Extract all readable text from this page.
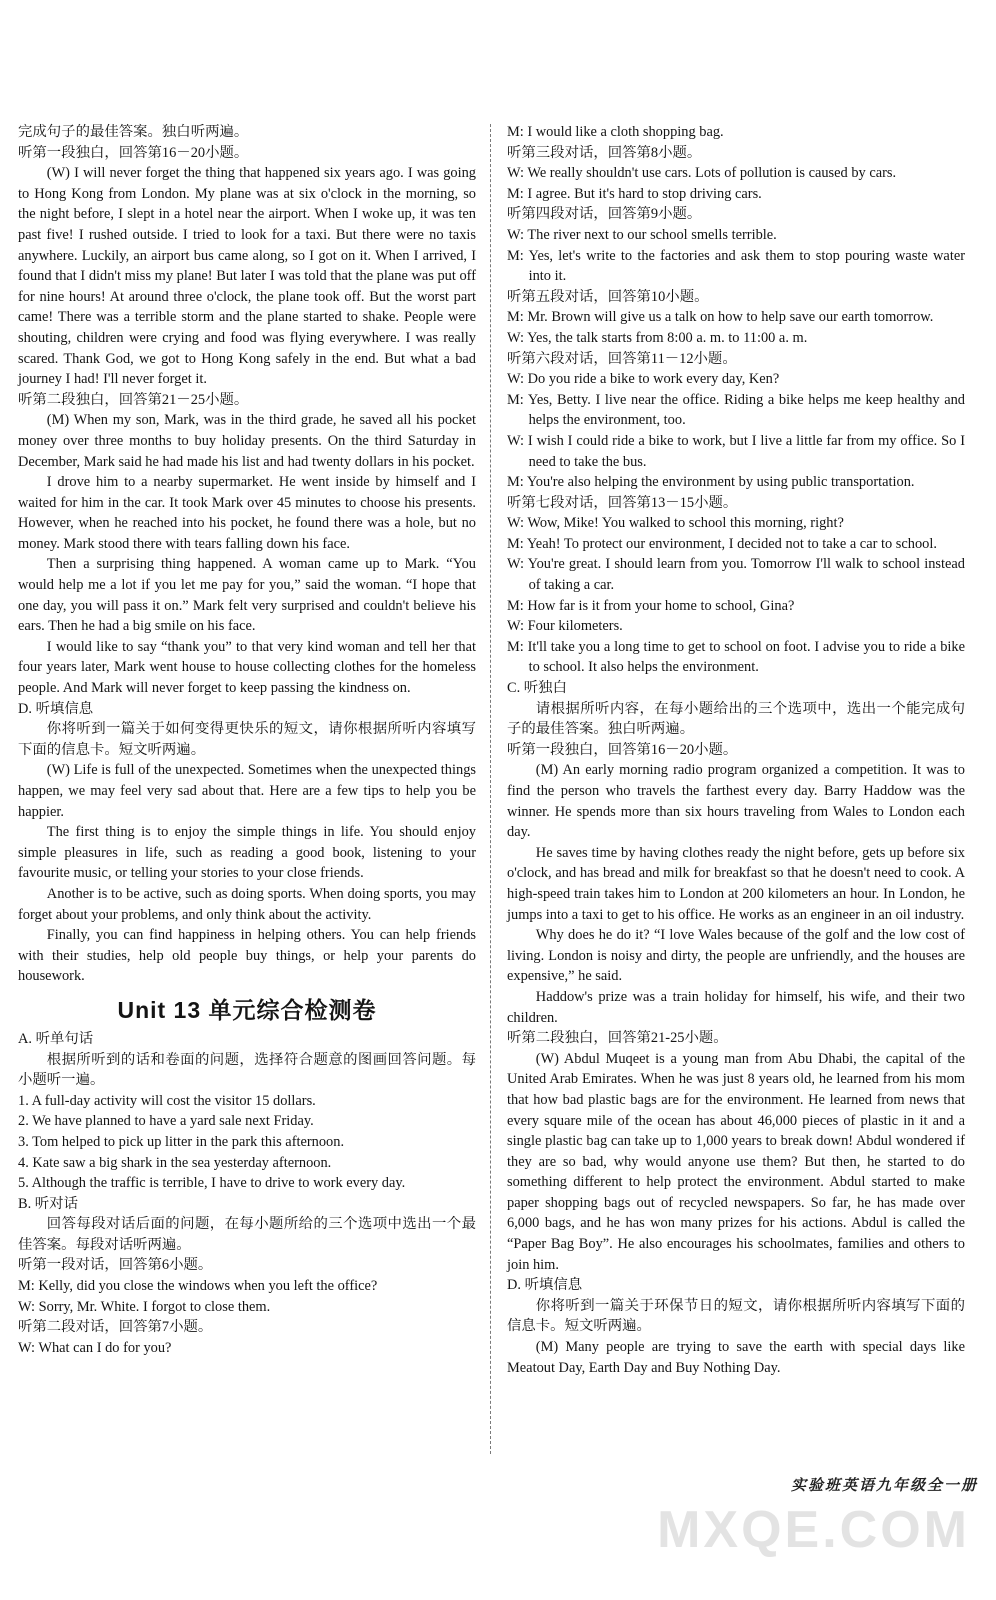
完成句子的最佳答案。独白听两遍。

听第一段独白，回答第16－20小题。

(W) I will never forget the thing that happened six years ago. I was going to Hong Kong from London. My plane was at six o'clock in the morning, so the night before, I slept in a hotel near the airport. When I woke up, it was ten past five! I rushed outside. I tried to look for a taxi. But there were no taxis anywhere. Luckily, an airport bus came along, so I got on it. When I arrived, I found that I didn't miss my plane! But later I was told that the plane was put off for nine hours! At around three o'clock, the plane took off. But the worst part came! There was a terrible storm and the plane started to shake. People were shouting, children were crying and food was flying everywhere. I was really scared. Thank God, we got to Hong Kong safely in the end. But what a bad journey I had! I'll never forget it.

听第二段独白，回答第21－25小题。

(M) When my son, Mark, was in the third grade, he saved all his pocket money over three months to buy holiday presents. On the third Saturday in December, Mark said he had made his list and had twenty dollars in his pocket.

I drove him to a nearby supermarket. He went inside by himself and I waited for him in the car. It took Mark over 45 minutes to choose his presents. However, when he reached into his pocket, he found there was a hole, but no money. Mark stood there with tears falling down his face.

Then a surprising thing happened. A woman came up to Mark. “You would help me a lot if you let me pay for you,” said the woman. “I hope that one day, you will pass it on.” Mark felt very surprised and couldn't believe his ears. Then he had a big smile on his face.

I would like to say “thank you” to that very kind woman and tell her that four years later, Mark went house to house collecting clothes for the homeless people. And Mark will never forget to keep passing the kindness on.

D. 听填信息

你将听到一篇关于如何变得更快乐的短文，请你根据所听内容填写下面的信息卡。短文听两遍。

(W) Life is full of the unexpected. Sometimes when the unexpected things happen, we may feel very sad about that. Here are a few tips to help you be happier.

The first thing is to enjoy the simple things in life. You should enjoy simple pleasures in life, such as reading a good book, listening to your favourite music, or telling your stories to your close friends.

Another is to be active, such as doing sports. When doing sports, you may forget about your problems, and only think about the activity.

Finally, you can find happiness in helping others. You can help friends with their studies, help old people buy things, or help your parents do housework.

Unit 13 单元综合检测卷

A. 听单句话

根据所听到的话和卷面的问题，选择符合题意的图画回答问题。每小题听一遍。

1. A full-day activity will cost the visitor 15 dollars.

2. We have planned to have a yard sale next Friday.

3. Tom helped to pick up litter in the park this afternoon.

4. Kate saw a big shark in the sea yesterday afternoon.

5. Although the traffic is terrible, I have to drive to work every day.

B. 听对话

回答每段对话后面的问题，在每小题所给的三个选项中选出一个最佳答案。每段对话听两遍。

听第一段对话，回答第6小题。

M: Kelly, did you close the windows when you left the office?

W: Sorry, Mr. White. I forgot to close them.

听第二段对话，回答第7小题。

W: What can I do for you?

M: I would like a cloth shopping bag.

听第三段对话，回答第8小题。

W: We really shouldn't use cars. Lots of pollution is caused by cars.

M: I agree. But it's hard to stop driving cars.

听第四段对话，回答第9小题。

W: The river next to our school smells terrible.

M: Yes, let's write to the factories and ask them to stop pouring waste water into it.

听第五段对话，回答第10小题。

M: Mr. Brown will give us a talk on how to help save our earth tomorrow.

W: Yes, the talk starts from 8:00 a. m. to 11:00 a. m.

听第六段对话，回答第11－12小题。

W: Do you ride a bike to work every day, Ken?

M: Yes, Betty. I live near the office. Riding a bike helps me keep healthy and helps the environment, too.

W: I wish I could ride a bike to work, but I live a little far from my office. So I need to take the bus.

M: You're also helping the environment by using public transportation.

听第七段对话，回答第13－15小题。

W: Wow, Mike! You walked to school this morning, right?

M: Yeah! To protect our environment, I decided not to take a car to school.

W: You're great. I should learn from you. Tomorrow I'll walk to school instead of taking a car.

M: How far is it from your home to school, Gina?

W: Four kilometers.

M: It'll take you a long time to get to school on foot. I advise you to ride a bike to school. It also helps the environment.

C. 听独白

请根据所听内容，在每小题给出的三个选项中，选出一个能完成句子的最佳答案。独白听两遍。

听第一段独白，回答第16－20小题。

(M) An early morning radio program organized a competition. It was to find the person who travels the farthest every day. Barry Haddow was the winner. He spends more than six hours traveling from Wales to London each day.

He saves time by having clothes ready the night before, gets up before six o'clock, and has bread and milk for breakfast so that he doesn't need to cook. A high-speed train takes him to London at 200 kilometers an hour. In London, he jumps into a taxi to get to his office. He works as an engineer in an oil industry.

Why does he do it? “I love Wales because of the golf and the low cost of living. London is noisy and dirty, the people are unfriendly, and the houses are expensive,” he said.

Haddow's prize was a train holiday for himself, his wife, and their two children.

听第二段独白，回答第21-25小题。

(W) Abdul Muqeet is a young man from Abu Dhabi, the capital of the United Arab Emirates. When he was just 8 years old, he learned from his mom that how bad plastic bags are for the environment. He learned from news that every square mile of the ocean has about 46,000 pieces of plastic in it and a single plastic bag can take up to 1,000 years to break down! Abdul wondered if they are so bad, why would anyone use them? But then, he started to do something different to help protect the environment. Abdul started to make paper shopping bags out of recycled newspapers. So far, he has made over 6,000 bags, and he has won many prizes for his actions. Abdul is called the “Paper Bag Boy”. He also encourages his schoolmates, families and others to join him.

D. 听填信息

你将听到一篇关于环保节日的短文，请你根据所听内容填写下面的信息卡。短文听两遍。

(M) Many people are trying to save the earth with special days like Meatout Day, Earth Day and Buy Nothing Day.

实验班英语九年级全一册
MXQE.COM
